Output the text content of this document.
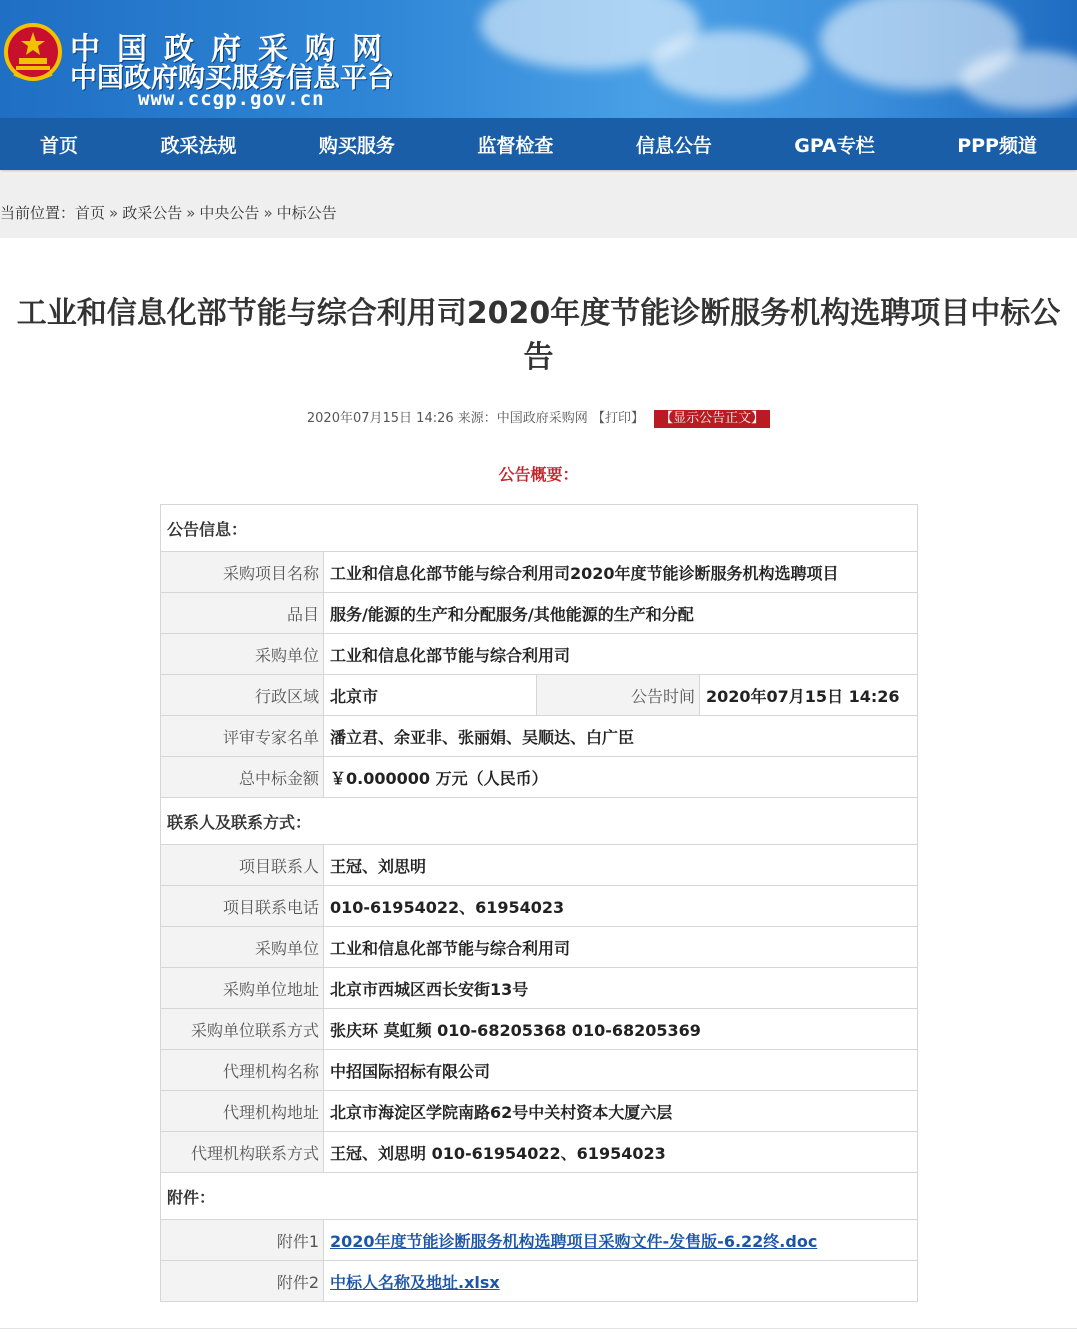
中国政府采购网
中国政府购买服务信息平台
www.ccgp.gov.cn
首页	政采法规	购买服务	监督检查	信息公告	GPA专栏	PPP频道
当前位置：首页 » 政采公告 » 中央公告 » 中标公告
工业和信息化部节能与综合利用司2020年度节能诊断服务机构选聘项目中标公告
2020年07月15日 14:26 来源：中国政府采购网 【打印】 【显示公告正文】
公告概要：
公告信息：			
采购项目名称	工业和信息化部节能与综合利用司2020年度节能诊断服务机构选聘项目		
品目	服务/能源的生产和分配服务/其他能源的生产和分配		
采购单位	工业和信息化部节能与综合利用司		
行政区域	北京市	公告时间	2020年07月15日 14:26
评审专家名单	潘立君、余亚非、张丽娟、吴顺达、白广臣		
总中标金额	￥0.000000 万元（人民币）		
联系人及联系方式：			
项目联系人	王冠、刘思明		
项目联系电话	010-61954022、61954023		
采购单位	工业和信息化部节能与综合利用司		
采购单位地址	北京市西城区西长安街13号		
采购单位联系方式	张庆环 莫虹频 010-68205368 010-68205369		
代理机构名称	中招国际招标有限公司		
代理机构地址	北京市海淀区学院南路62号中关村资本大厦六层		
代理机构联系方式	王冠、刘思明 010-61954022、61954023		
附件：			
附件1	2020年度节能诊断服务机构选聘项目采购文件-发售版-6.22终.doc		
附件2	中标人名称及地址.xlsx		
